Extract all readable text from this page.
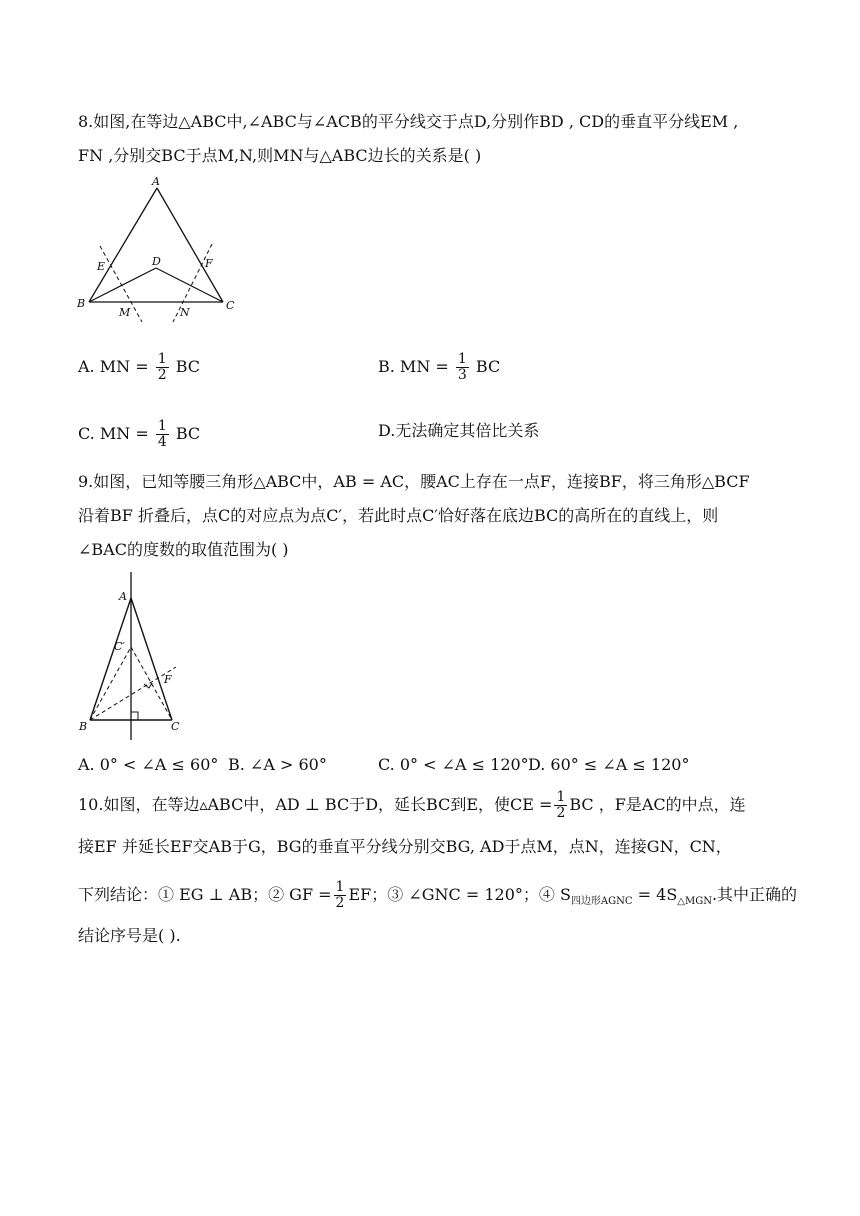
8.如图,在等边△ABC中,∠ABC与∠ACB的平分线交于点D,分别作BD , CD的垂直平分线EM ,
FN ,分别交BC于点M,N,则MN与△ABC边长的关系是( )
A
B	C
D
E	F
M	N
A. MN = $\frac{1}{2}$ BC	B. MN = $\frac{1}{3}$ BC
C. MN = $\frac{1}{4}$ BC	D.无法确定其倍比关系
9.如图，已知等腰三角形△ABC中，AB = AC，腰AC上存在一点F，连接BF，将三角形△BCF
沿着BF 折叠后，点C的对应点为点C′，若此时点C′恰好落在底边BC的高所在的直线上，则
∠BAC的度数的取值范围为( )
A
B	C
C′
F
A. 0° < ∠A ≤ 60° B. ∠A > 60°	C. 0° < ∠A ≤ 120° D. 60° ≤ ∠A ≤ 120°
10.如图，在等边▵ABC中，AD ⊥ BC于D，延长BC到E，使CE = $\frac{1}{2}$ BC ，F是AC的中点，连
接EF 并延长EF交AB于G，BG的垂直平分线分别交BG, AD于点M，点N，连接GN，CN，
下列结论：① EG ⊥ AB；② GF = $\frac{1}{2}$ EF；③ ∠GNC = 120°；④ $S_{四边形AGNC} = 4S_{\triangle MGN}$.其中正确的
结论序号是( ).
